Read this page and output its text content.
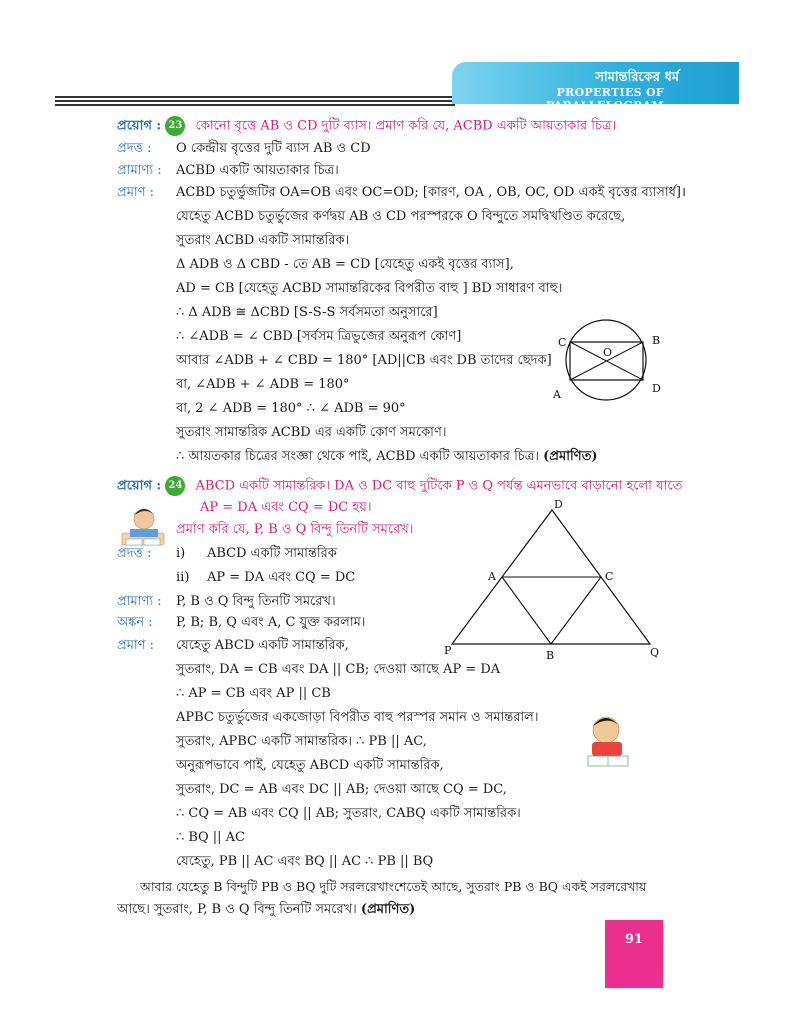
সামান্তরিকের ধর্ম
PROPERTIES OF PARALLELOGRAM
প্রয়োগ : 23 কোনো বৃত্তে AB ও CD দুটি ব্যাস। প্রমাণ করি যে, ACBD একটি আয়তাকার চিত্র।
প্রদত্ত : O কেন্দ্রীয় বৃত্তের দুটি ব্যাস AB ও CD
প্রামাণ্য : ACBD একটি আয়তাকার চিত্র।
প্রমাণ : ACBD চতুর্ভুজটির OA=OB এবং OC=OD; [কারণ, OA , OB, OC, OD একই বৃত্তের ব্যাসার্ধ]।
যেহেতু ACBD চতুর্ভুজের কর্ণদ্বয় AB ও CD পরস্পরকে O বিন্দুতে সমদ্বিখণ্ডিত করেছে,
সুতরাং ACBD একটি সামান্তরিক।
Δ ADB ও Δ CBD - তে AB = CD [যেহেতু একই বৃত্তের ব্যাস],
AD = CB [যেহেতু ACBD সামান্তরিকের বিপরীত বাহু ] BD সাধারণ বাহু।
∴ Δ ADB ≅ ΔCBD [S-S-S সর্বসমতা অনুসারে]
∴ ∠ADB = ∠ CBD [সর্বসম ত্রিভুজের অনুরূপ কোণ]
আবার ∠ADB + ∠ CBD = 180° [AD||CB এবং DB তাদের ছেদক]
বা, ∠ADB + ∠ ADB = 180°
বা, 2 ∠ ADB = 180° ∴ ∠ ADB = 90°
সুতরাং সামান্তরিক ACBD এর একটি কোণ সমকোণ।
∴ আয়তকার চিত্রের সংজ্ঞা থেকে পাই, ACBD একটি আয়তাকার চিত্র। (প্রমাণিত)
C	B
O
A	D
প্রয়োগ : 24 ABCD একটি সামান্তরিক। DA ও DC বাহু দুটিকে P ও Q পর্যন্ত এমনভাবে বাড়ানো হলো যাতে
AP = DA এবং CQ = DC হয়।
প্রমাণ করি যে, P, B ও Q বিন্দু তিনটি সমরেখ।
প্রদত্ত : i) ABCD একটি সামান্তরিক
ii) AP = DA এবং CQ = DC
প্রামাণ্য : P, B ও Q বিন্দু তিনটি সমরেখ।
অঙ্কন : P, B; B, Q এবং A, C যুক্ত করলাম।
প্রমাণ : যেহেতু ABCD একটি সামান্তরিক,
সুতরাং, DA = CB এবং DA || CB; দেওয়া আছে AP = DA
∴ AP = CB এবং AP || CB
APBC চতুর্ভুজের একজোড়া বিপরীত বাহু পরস্পর সমান ও সমান্তরাল।
সুতরাং, APBC একটি সামান্তরিক। ∴ PB || AC,
অনুরূপভাবে পাই, যেহেতু ABCD একটি সামান্তরিক,
সুতরাং, DC = AB এবং DC || AB; দেওয়া আছে CQ = DC,
∴ CQ = AB এবং CQ || AB; সুতরাং, CABQ একটি সামান্তরিক।
∴ BQ || AC
যেহেতু, PB || AC এবং BQ || AC ∴ PB || BQ
আবার যেহেতু B বিন্দুটি PB ও BQ দুটি সরলরেখাংশেতেই আছে, সুতরাং PB ও BQ একই সরলরেখায়
আছে। সুতরাং, P, B ও Q বিন্দু তিনটি সমরেখ। (প্রমাণিত)
D
A	C
P	B	Q
91
